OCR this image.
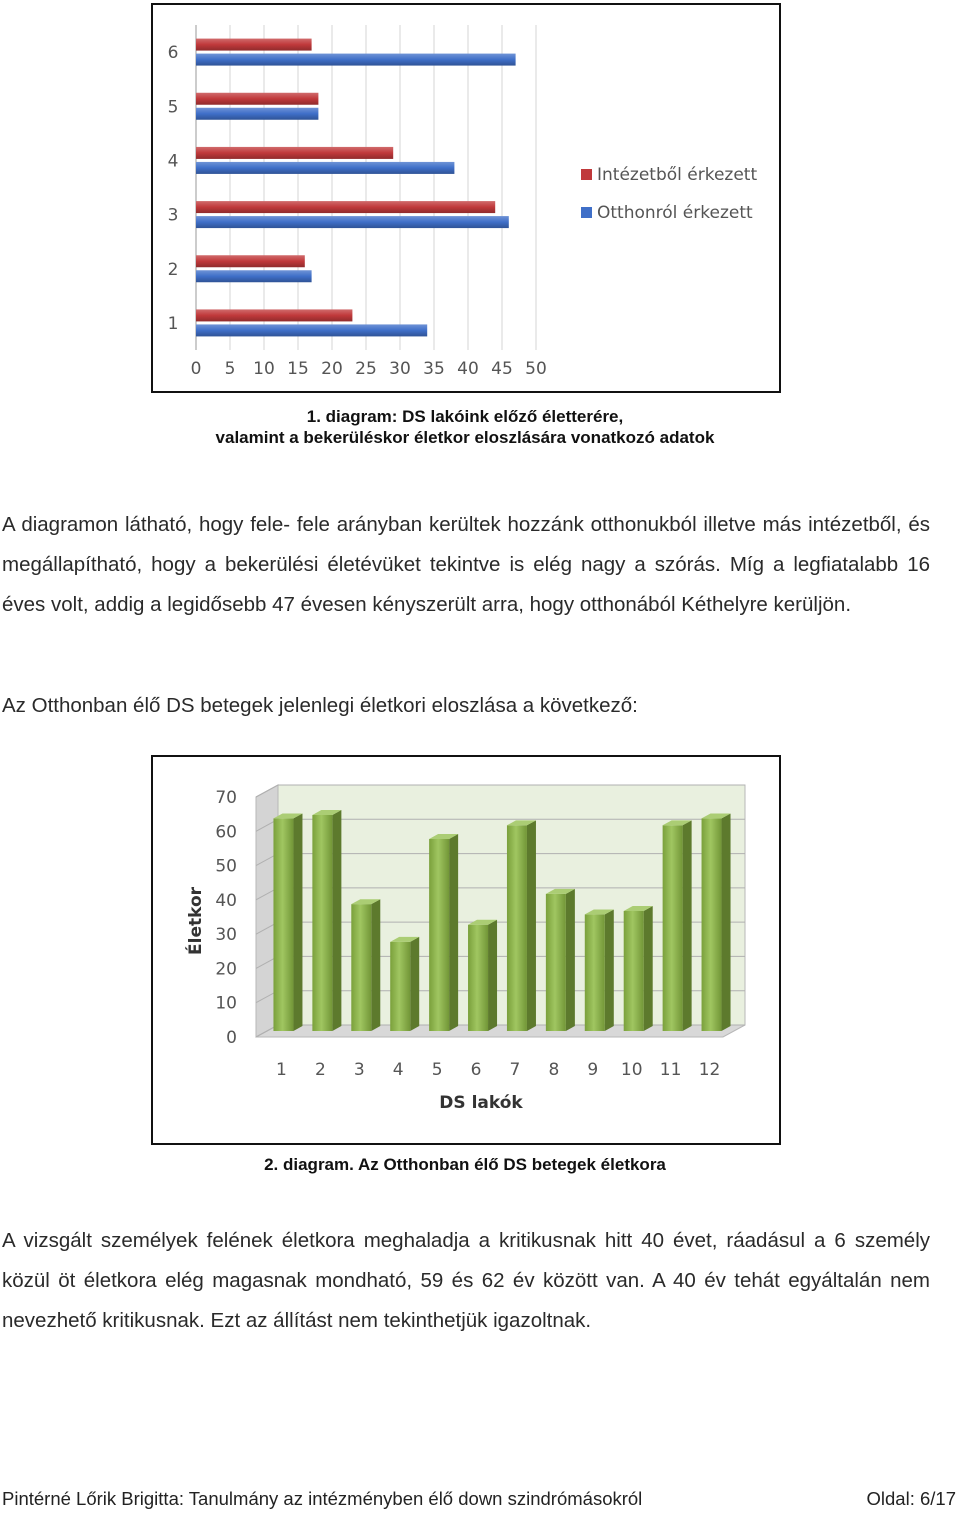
0 5 10 15 20 25 30 35 40 45 50
1
2
3
4
5
6
Intézetből érkezett
Otthonról érkezett
1. diagram: DS lakóink előző életterére,
valamint a bekerüléskor életkor eloszlására vonatkozó adatok

A diagramon látható, hogy fele- fele arányban kerültek hozzánk otthonukból illetve más intézetből, és megállapítható, hogy a bekerülési életévüket tekintve is elég nagy a szórás. Míg a legfiatalabb 16 éves volt, addig a legidősebb 47 évesen kényszerült arra, hogy otthonából Kéthelyre kerüljön.

Az Otthonban élő DS betegek jelenlegi életkori eloszlása a következő:

0
10
20
30
40
50
60
70
Életkor
1 2 3 4 5 6 7 8 9 10 11 12
DS lakók
2. diagram. Az Otthonban élő DS betegek életkora

A vizsgált személyek felének életkora meghaladja a kritikusnak hitt 40 évet, ráadásul a 6 személy közül öt életkora elég magasnak mondható, 59 és 62 év között van. A 40 év tehát egyáltalán nem nevezhető kritikusnak. Ezt az állítást nem tekinthetjük igazoltnak.

Pintérné Lőrik Brigitta: Tanulmány az intézményben élő down szindrómásokról	Oldal: 6/17
